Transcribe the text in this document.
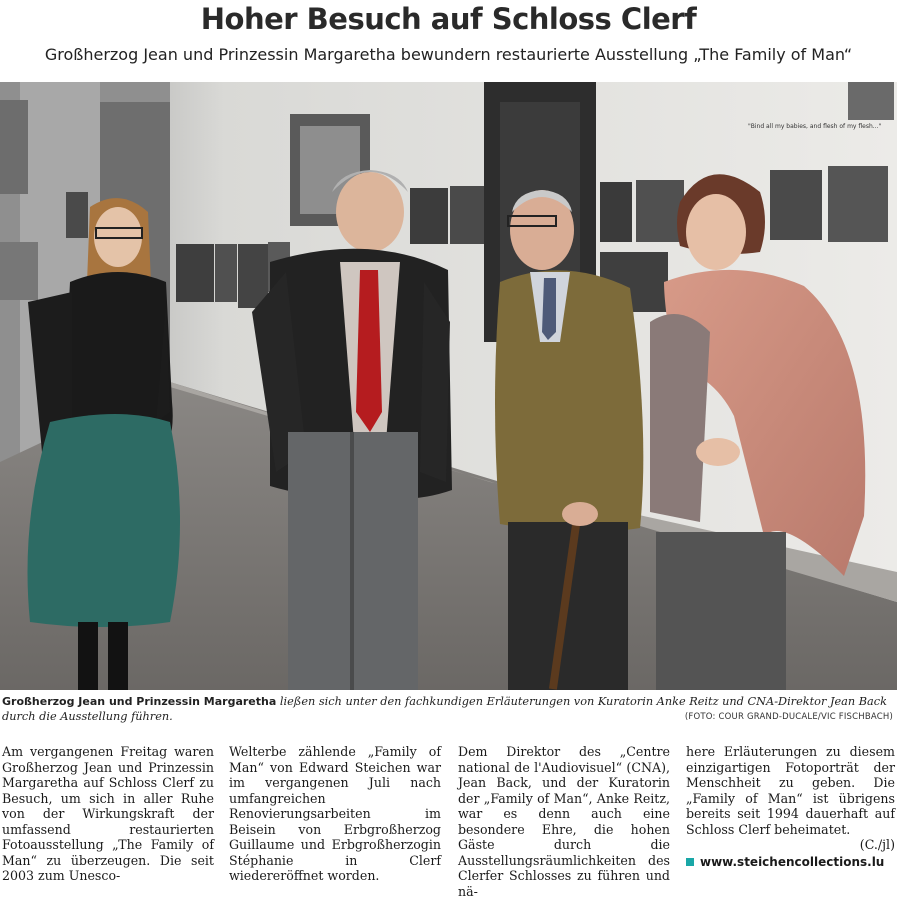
Hoher Besuch auf Schloss Clerf
Großherzog Jean und Prinzessin Margaretha bewundern restaurierte Ausstellung „The Family of Man“
"Bind all my babies, and flesh of my flesh..."
Großherzog Jean und Prinzessin Margaretha ließen sich unter den fachkundigen Erläuterungen von Kuratorin Anke Reitz und CNA-Direktor Jean Back durch die Ausstellung führen.	(FOTO: COUR GRAND-DUCALE/VIC FISCHBACH)
Am vergangenen Freitag waren Großherzog Jean und Prinzessin Margaretha auf Schloss Clerf zu Besuch, um sich in aller Ruhe von der Wirkungskraft der umfassend restaurierten Fotoausstellung „The Family of Man“ zu überzeugen. Die seit 2003 zum Unesco-
Welterbe zählende „Family of Man“ von Edward Steichen war im vergangenen Juli nach umfangreichen Renovierungsarbeiten im Beisein von Erbgroßherzog Guillaume und Erbgroßherzogin Stéphanie in Clerf wiedereröffnet worden.
Dem Direktor des „Centre national de l'Audiovisuel“ (CNA), Jean Back, und der Kuratorin der „Family of Man“, Anke Reitz, war es denn auch eine besondere Ehre, die hohen Gäste durch die Ausstellungsräumlichkeiten des Clerfer Schlosses zu führen und nä-
here Erläuterungen zu diesem einzigartigen Fotoporträt der Menschheit zu geben. Die „Family of Man“ ist übrigens bereits seit 1994 dauerhaft auf Schloss Clerf beheimatet.
(C./jl)
www.steichencollections.lu
